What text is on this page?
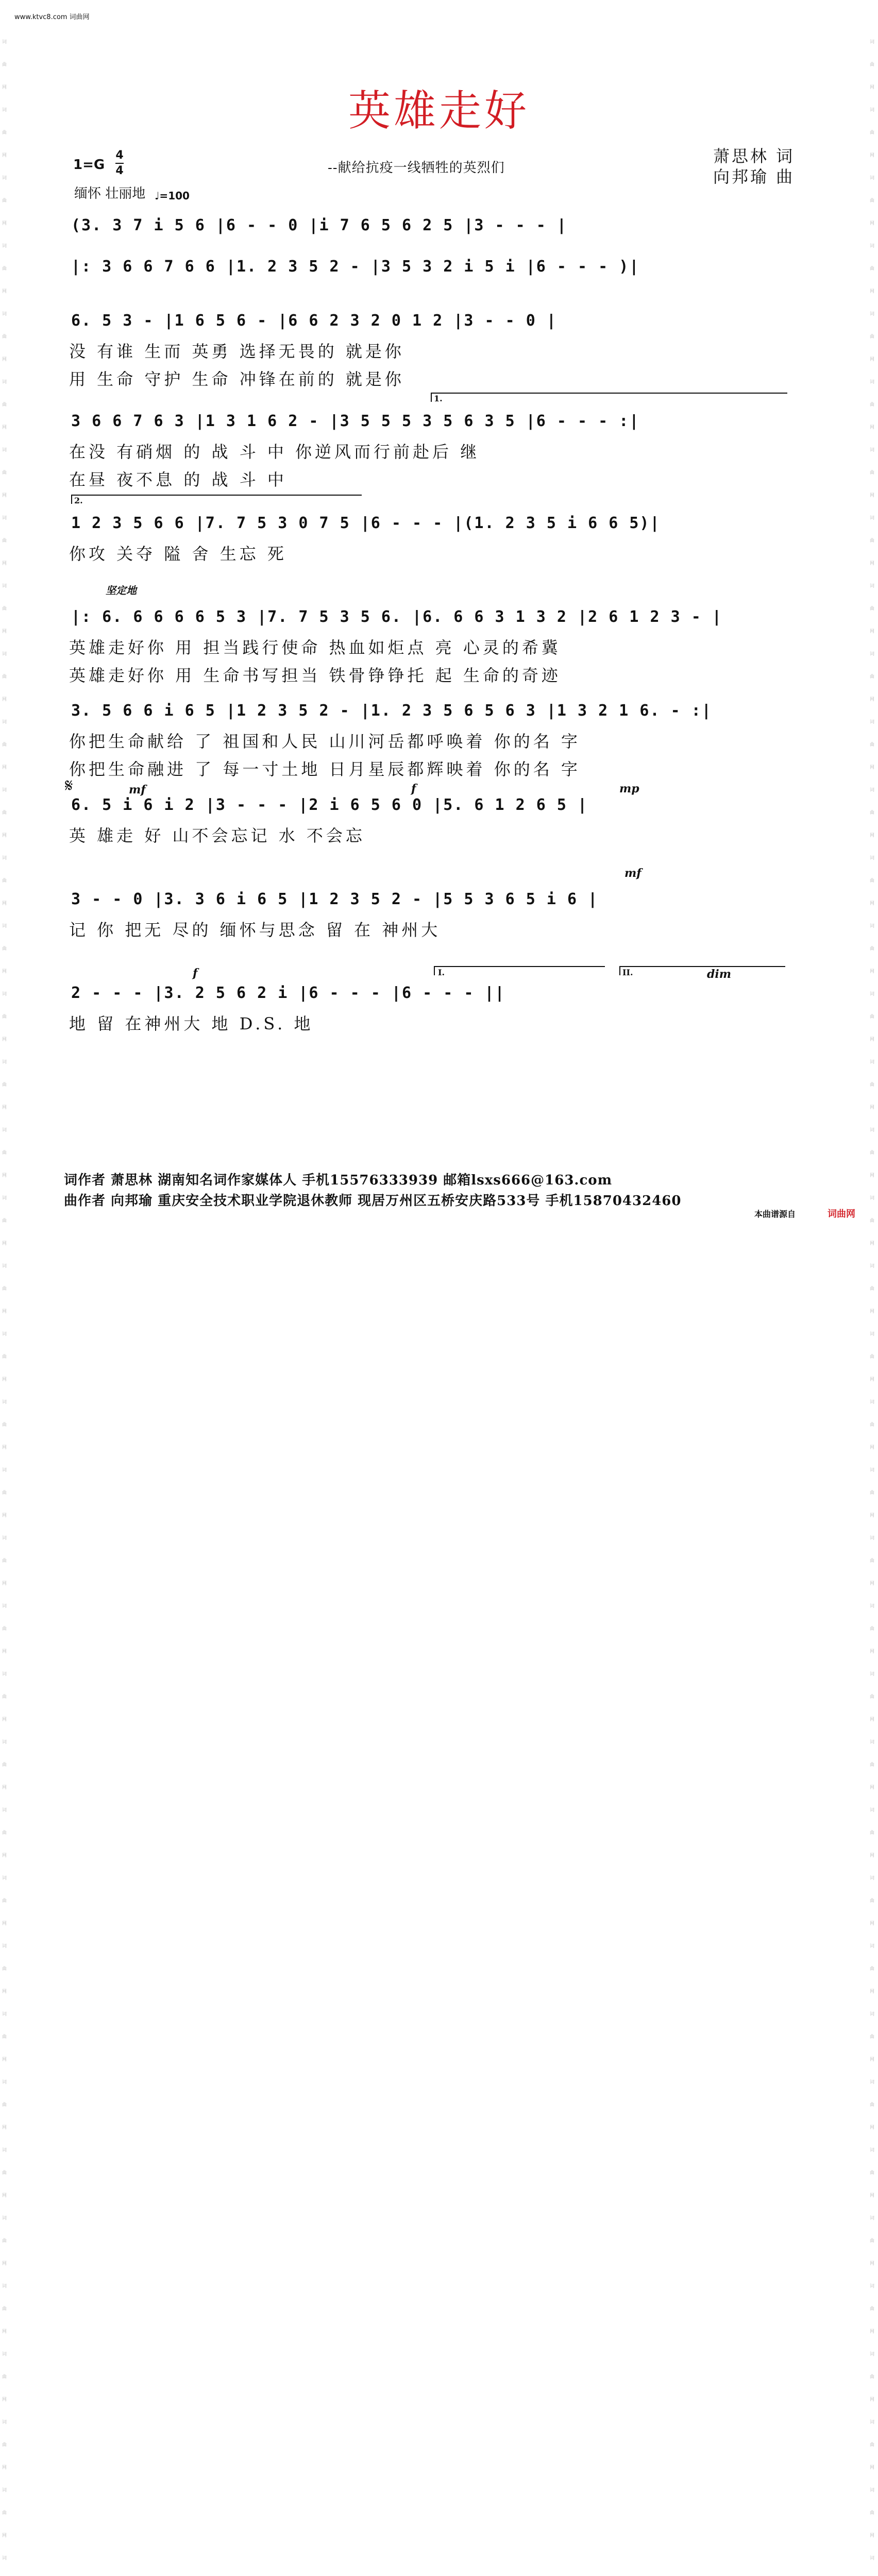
www.ktvc8.com 词曲网
词曲网词曲网词曲网词曲网词曲网词曲网词曲网词曲网词曲网词曲网词曲网词曲网词曲网词曲网词曲网词曲网词曲网词曲网词曲网词曲网词曲网词曲网词曲网词曲网词曲网词曲网词曲网词曲网词曲网词曲网词曲网词曲网词曲网词曲网词曲网词曲网词曲网词
词曲网词曲网词曲网词曲网词曲网词曲网词曲网词曲网词曲网词曲网词曲网词曲网词曲网词曲网词曲网词曲网词曲网词曲网词曲网词曲网词曲网词曲网词曲网词曲网词曲网词曲网词曲网词曲网词曲网词曲网词曲网词曲网词曲网词曲网词曲网词曲网词曲网词
英雄走好
1=G
4
4	--献给抗疫一线牺牲的英烈们
萧思林 词
向邦瑜 曲
缅怀 壮丽地 ♩=100
(3. 3 7 i 5 6 |6 - - 0 |i 7 6 5 6 2 5 |3 - - - |
|: 3 6 6 7 6 6 |1. 2 3 5 2 - |3 5 3 2 i 5 i |6 - - - )|
6. 5 3 - |1 6 5 6 - |6 6 2 3 2 0 1 2 |3 - - 0 |
没 有谁 生而 英勇 选择无畏的 就是你
用 生命 守护 生命 冲锋在前的 就是你
3 6 6 7 6 3 |1 3 1 6 2 - |3 5 5 5 3 5 6 3 5 |6 - - - :|
在没 有硝烟 的 战 斗 中 你逆风而行前赴后 继
在昼 夜不息 的 战 斗 中
1 2 3 5 6 6 |7. 7 5 3 0 7 5 |6 - - - |(1. 2 3 5 i 6 6 5)|
你攻 关夺 隘 舍 生忘 死
|: 6. 6 6 6 6 5 3 |7. 7 5 3 5 6. |6. 6 6 3 1 3 2 |2 6 1 2 3 - |
英雄走好你 用 担当践行使命 热血如炬点 亮 心灵的希冀
英雄走好你 用 生命书写担当 铁骨铮铮托 起 生命的奇迹
3. 5 6 6 i 6 5 |1 2 3 5 2 - |1. 2 3 5 6 5 6 3 |1 3 2 1 6. - :|
你把生命献给 了 祖国和人民 山川河岳都呼唤着 你的名 字
你把生命融进 了 每一寸土地 日月星辰都辉映着 你的名 字
6. 5 i 6 i 2 |3 - - - |2 i 6 5 6 0 |5. 6 1 2 6 5 |
英 雄走 好 山不会忘记 水 不会忘
3 - - 0 |3. 3 6 i 6 5 |1 2 3 5 2 - |5 5 3 6 5 i 6 |
记 你 把无 尽的 缅怀与思念 留 在 神州大
2 - - - |3. 2 5 6 2 i |6 - - - |6 - - - ||
地 留 在神州大 地 D.S. 地
坚定地
𝄋	mf	f	mp
mf
f	dim
1.
2.
I.	II.
词作者 萧思林 湖南知名词作家媒体人 手机15576333939 邮箱lsxs666@163.com
曲作者 向邦瑜 重庆安全技术职业学院退休教师 现居万州区五桥安庆路533号 手机15870432460
本曲谱源自	词曲网
